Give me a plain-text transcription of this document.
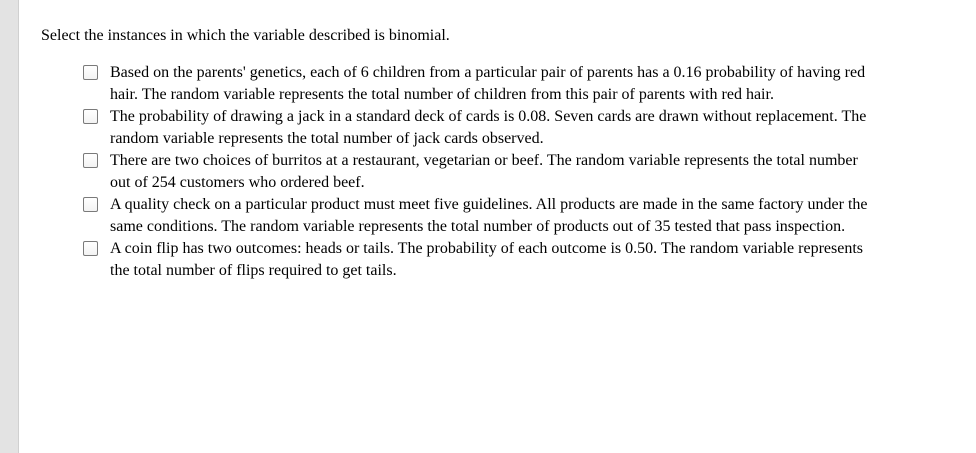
Select the instances in which the variable described is binomial.
Based on the parents' genetics, each of 6 children from a particular pair of parents has a 0.16 probability of having red hair. The random variable represents the total number of children from this pair of parents with red hair.
The probability of drawing a jack in a standard deck of cards is 0.08. Seven cards are drawn without replacement. The random variable represents the total number of jack cards observed.
There are two choices of burritos at a restaurant, vegetarian or beef. The random variable represents the total number out of 254 customers who ordered beef.
A quality check on a particular product must meet five guidelines. All products are made in the same factory under the same conditions. The random variable represents the total number of products out of 35 tested that pass inspection.
A coin flip has two outcomes: heads or tails. The probability of each outcome is 0.50. The random variable represents the total number of flips required to get tails.
